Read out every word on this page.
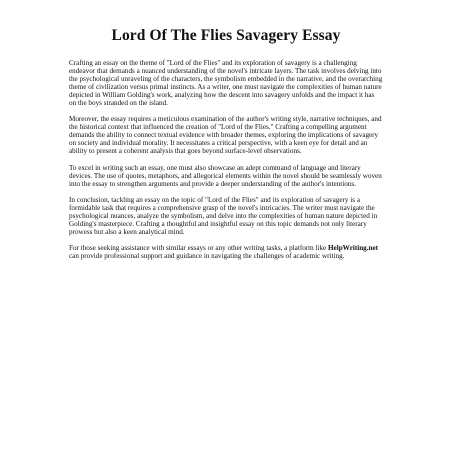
Lord Of The Flies Savagery Essay

Crafting an essay on the theme of "Lord of the Flies" and its exploration of savagery is a challenging endeavor that demands a nuanced understanding of the novel's intricate layers. The task involves delving into the psychological unraveling of the characters, the symbolism embedded in the narrative, and the overarching theme of civilization versus primal instincts. As a writer, one must navigate the complexities of human nature depicted in William Golding's work, analyzing how the descent into savagery unfolds and the impact it has on the boys stranded on the island.

Moreover, the essay requires a meticulous examination of the author's writing style, narrative techniques, and the historical context that influenced the creation of "Lord of the Flies." Crafting a compelling argument demands the ability to connect textual evidence with broader themes, exploring the implications of savagery on society and individual morality. It necessitates a critical perspective, with a keen eye for detail and an ability to present a coherent analysis that goes beyond surface-level observations.

To excel in writing such an essay, one must also showcase an adept command of language and literary devices. The use of quotes, metaphors, and allegorical elements within the novel should be seamlessly woven into the essay to strengthen arguments and provide a deeper understanding of the author's intentions.

In conclusion, tackling an essay on the topic of "Lord of the Flies" and its exploration of savagery is a formidable task that requires a comprehensive grasp of the novel's intricacies. The writer must navigate the psychological nuances, analyze the symbolism, and delve into the complexities of human nature depicted in Golding's masterpiece. Crafting a thoughtful and insightful essay on this topic demands not only literary prowess but also a keen analytical mind.

For those seeking assistance with similar essays or any other writing tasks, a platform like HelpWriting.net can provide professional support and guidance in navigating the challenges of academic writing.
